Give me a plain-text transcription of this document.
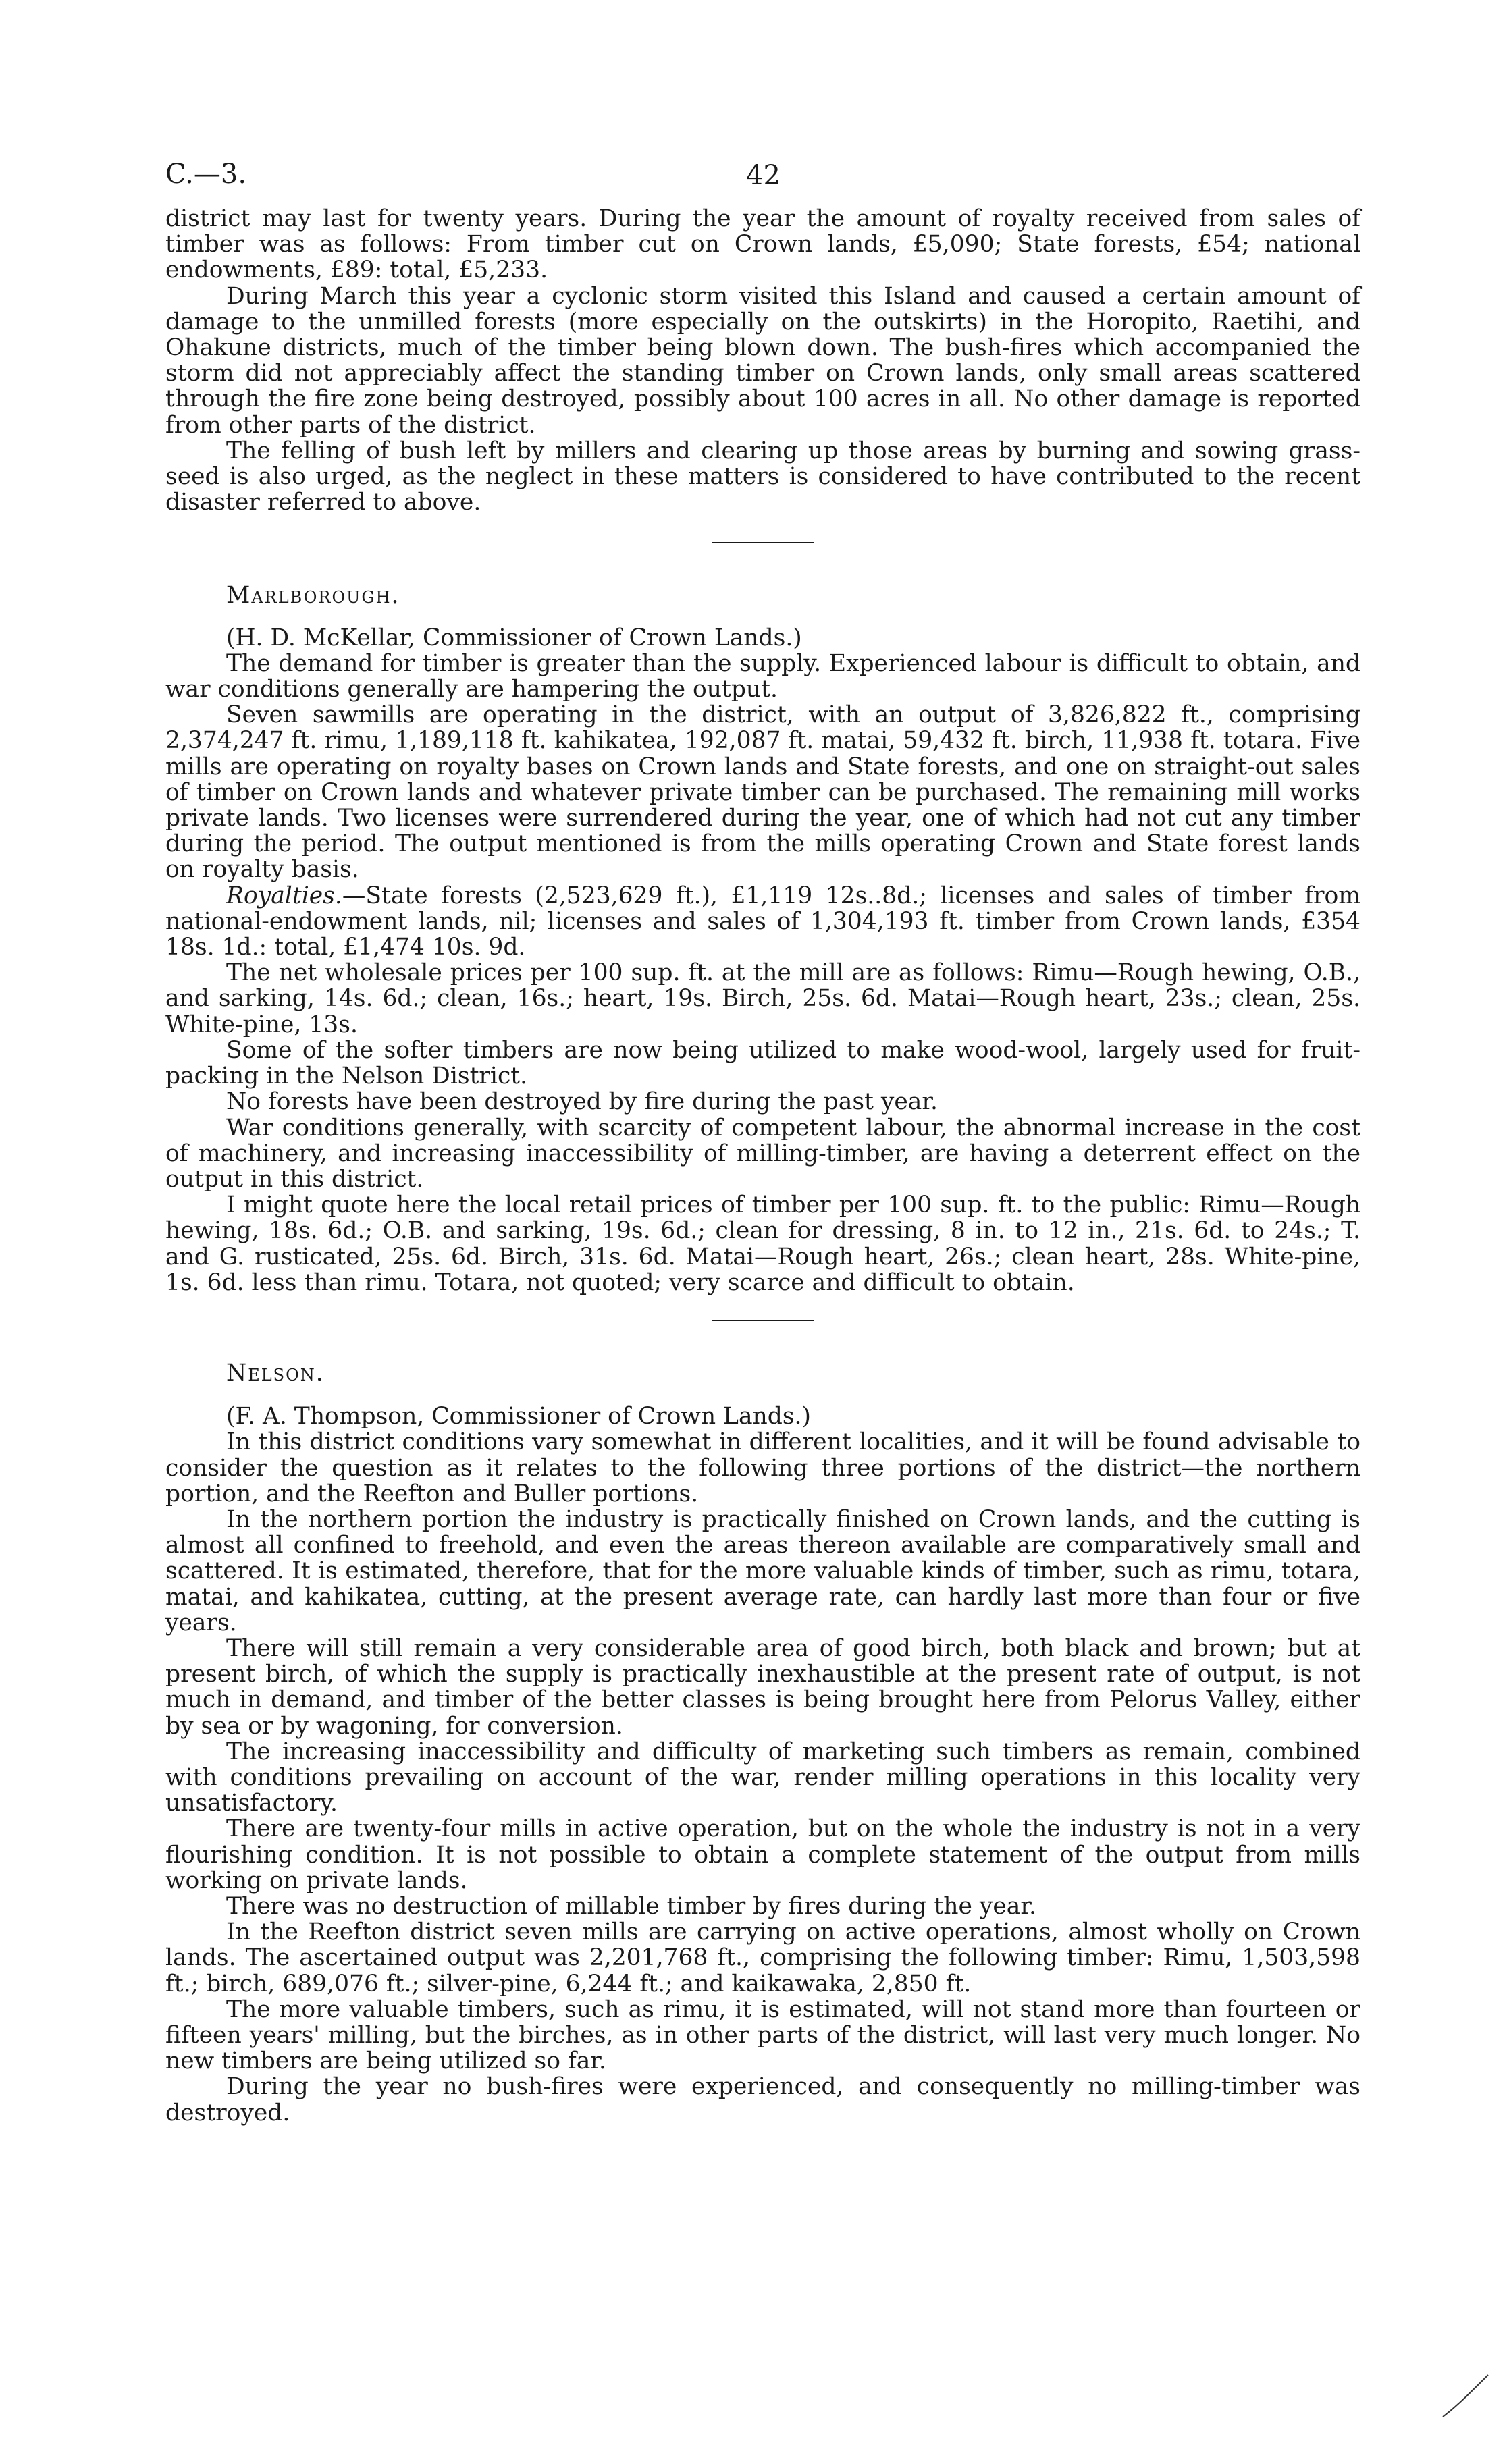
C.—3.	42

district may last for twenty years. During the year the amount of royalty received from sales of timber was as follows: From timber cut on Crown lands, £5,090; State forests, £54; national endowments, £89: total, £5,233.

During March this year a cyclonic storm visited this Island and caused a certain amount of damage to the unmilled forests (more especially on the outskirts) in the Horopito, Raetihi, and Ohakune districts, much of the timber being blown down. The bush-fires which accompanied the storm did not appreciably affect the standing timber on Crown lands, only small areas scattered through the fire zone being destroyed, possibly about 100 acres in all. No other damage is reported from other parts of the district.

The felling of bush left by millers and clearing up those areas by burning and sowing grass-seed is also urged, as the neglect in these matters is considered to have contributed to the recent disaster referred to above.

Marlborough.

(H. D. McKellar, Commissioner of Crown Lands.)

The demand for timber is greater than the supply. Experienced labour is difficult to obtain, and war conditions generally are hampering the output.

Seven sawmills are operating in the district, with an output of 3,826,822 ft., comprising 2,374,247 ft. rimu, 1,189,118 ft. kahikatea, 192,087 ft. matai, 59,432 ft. birch, 11,938 ft. totara. Five mills are operating on royalty bases on Crown lands and State forests, and one on straight-out sales of timber on Crown lands and whatever private timber can be purchased. The remaining mill works private lands. Two licenses were surrendered during the year, one of which had not cut any timber during the period. The output mentioned is from the mills operating Crown and State forest lands on royalty basis.

Royalties.—State forests (2,523,629 ft.), £1,119 12s..8d.; licenses and sales of timber from national-endowment lands, nil; licenses and sales of 1,304,193 ft. timber from Crown lands, £354 18s. 1d.: total, £1,474 10s. 9d.

The net wholesale prices per 100 sup. ft. at the mill are as follows: Rimu—Rough hewing, O.B., and sarking, 14s. 6d.; clean, 16s.; heart, 19s. Birch, 25s. 6d. Matai—Rough heart, 23s.; clean, 25s. White-pine, 13s.

Some of the softer timbers are now being utilized to make wood-wool, largely used for fruit-packing in the Nelson District.

No forests have been destroyed by fire during the past year.

War conditions generally, with scarcity of competent labour, the abnormal increase in the cost of machinery, and increasing inaccessibility of milling-timber, are having a deterrent effect on the output in this district.

I might quote here the local retail prices of timber per 100 sup. ft. to the public: Rimu—Rough hewing, 18s. 6d.; O.B. and sarking, 19s. 6d.; clean for dressing, 8 in. to 12 in., 21s. 6d. to 24s.; T. and G. rusticated, 25s. 6d. Birch, 31s. 6d. Matai—Rough heart, 26s.; clean heart, 28s. White-pine, 1s. 6d. less than rimu. Totara, not quoted; very scarce and difficult to obtain.

Nelson.

(F. A. Thompson, Commissioner of Crown Lands.)

In this district conditions vary somewhat in different localities, and it will be found advisable to consider the question as it relates to the following three portions of the district—the northern portion, and the Reefton and Buller portions.

In the northern portion the industry is practically finished on Crown lands, and the cutting is almost all confined to freehold, and even the areas thereon available are comparatively small and scattered. It is estimated, therefore, that for the more valuable kinds of timber, such as rimu, totara, matai, and kahikatea, cutting, at the present average rate, can hardly last more than four or five years.

There will still remain a very considerable area of good birch, both black and brown; but at present birch, of which the supply is practically inexhaustible at the present rate of output, is not much in demand, and timber of the better classes is being brought here from Pelorus Valley, either by sea or by wagoning, for conversion.

The increasing inaccessibility and difficulty of marketing such timbers as remain, combined with conditions prevailing on account of the war, render milling operations in this locality very unsatisfactory.

There are twenty-four mills in active operation, but on the whole the industry is not in a very flourishing condition. It is not possible to obtain a complete statement of the output from mills working on private lands.

There was no destruction of millable timber by fires during the year.

In the Reefton district seven mills are carrying on active operations, almost wholly on Crown lands. The ascertained output was 2,201,768 ft., comprising the following timber: Rimu, 1,503,598 ft.; birch, 689,076 ft.; silver-pine, 6,244 ft.; and kaikawaka, 2,850 ft.

The more valuable timbers, such as rimu, it is estimated, will not stand more than fourteen or fifteen years' milling, but the birches, as in other parts of the district, will last very much longer. No new timbers are being utilized so far.

During the year no bush-fires were experienced, and consequently no milling-timber was destroyed.
